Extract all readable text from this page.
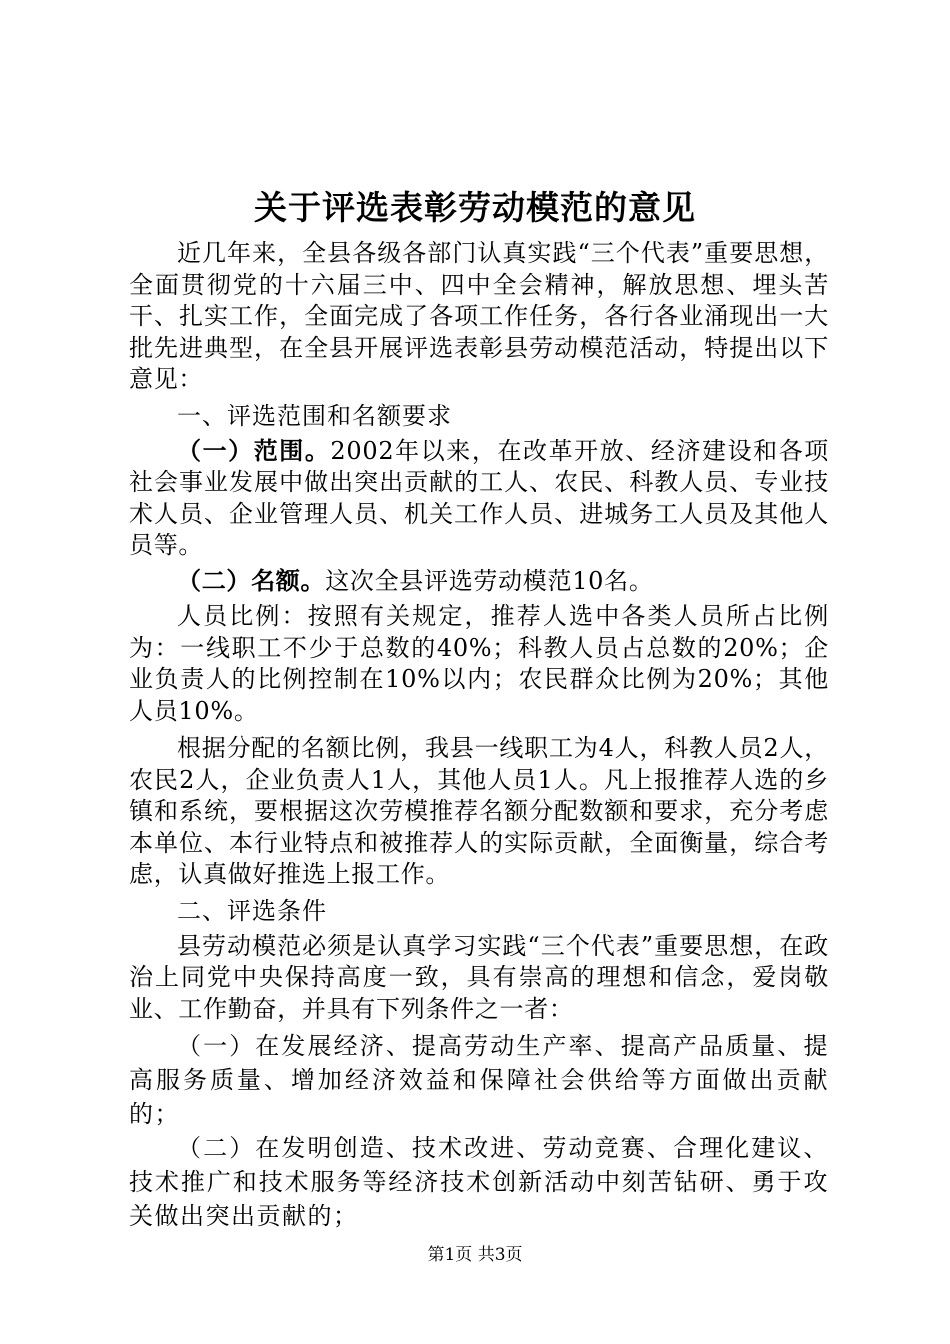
关于评选表彰劳动模范的意见

近几年来，全县各级各部门认真实践“三个代表”重要思想，全面贯彻党的十六届三中、四中全会精神，解放思想、埋头苦干、扎实工作，全面完成了各项工作任务，各行各业涌现出一大批先进典型，在全县开展评选表彰县劳动模范活动，特提出以下意见：

一、评选范围和名额要求

（一）范围。2002年以来，在改革开放、经济建设和各项社会事业发展中做出突出贡献的工人、农民、科教人员、专业技术人员、企业管理人员、机关工作人员、进城务工人员及其他人员等。

（二）名额。这次全县评选劳动模范10名。

人员比例：按照有关规定，推荐人选中各类人员所占比例为：一线职工不少于总数的40%；科教人员占总数的20%；企业负责人的比例控制在10%以内；农民群众比例为20%；其他人员10%。

根据分配的名额比例，我县一线职工为4人，科教人员2人，农民2人，企业负责人1人，其他人员1人。凡上报推荐人选的乡镇和系统，要根据这次劳模推荐名额分配数额和要求，充分考虑本单位、本行业特点和被推荐人的实际贡献，全面衡量，综合考虑，认真做好推选上报工作。

二、评选条件

县劳动模范必须是认真学习实践“三个代表”重要思想，在政治上同党中央保持高度一致，具有崇高的理想和信念，爱岗敬业、工作勤奋，并具有下列条件之一者：

（一）在发展经济、提高劳动生产率、提高产品质量、提高服务质量、增加经济效益和保障社会供给等方面做出贡献的；

（二）在发明创造、技术改进、劳动竞赛、合理化建议、技术推广和技术服务等经济技术创新活动中刻苦钻研、勇于攻关做出突出贡献的；

第1页 共3页
